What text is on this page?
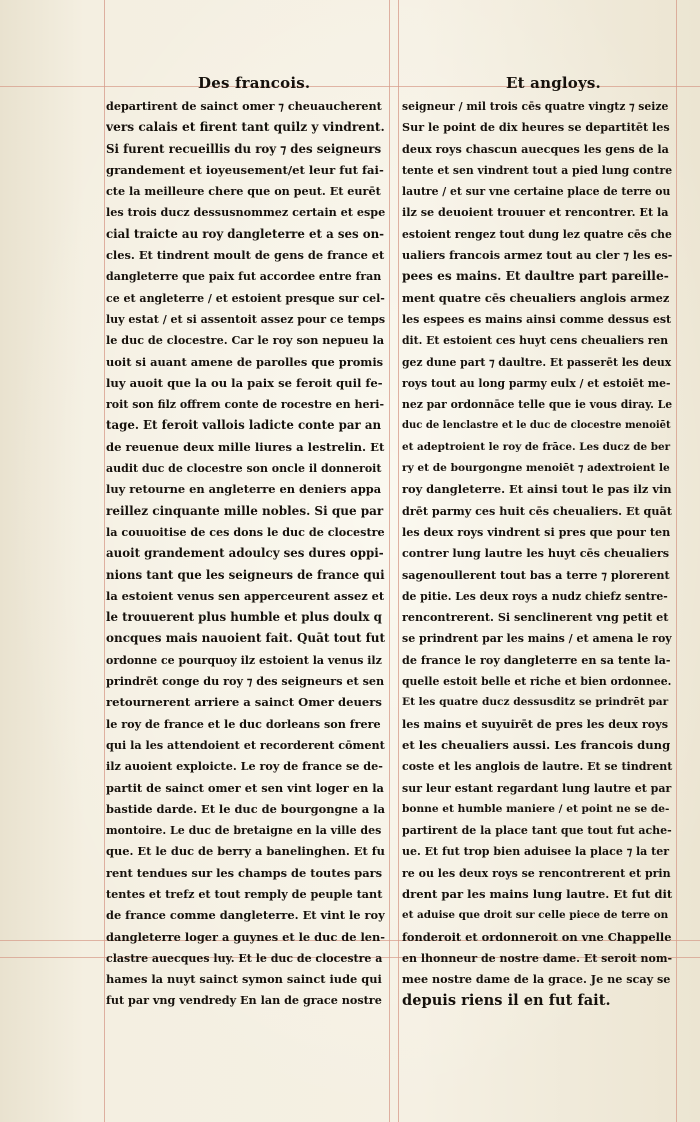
Des francois.	Et angloys.
departirent de sainct omer ⁊ cheuaucherent
vers calais et firent tant quilz y vindrent.
Si furent recueillis du roy ⁊ des seigneurs
grandement et ioyeusement/et leur fut fai-
cte la meilleure chere que on peut. Et eurēt
les trois ducz dessusnommez certain et espe
cial traicte au roy dangleterre et a ses on-
cles. Et tindrent moult de gens de france et
dangleterre que paix fut accordee entre fran
ce et angleterre / et estoient presque sur cel-
luy estat / et si assentoit assez pour ce temps
le duc de clocestre. Car le roy son nepueu la
uoit si auant amene de parolles que promis
luy auoit que la ou la paix se feroit quil fe-
roit son filz offrem conte de rocestre en heri-
tage. Et feroit vallois ladicte conte par an
de reuenue deux mille liures a lestrelin. Et
audit duc de clocestre son oncle il donneroit
luy retourne en angleterre en deniers appa
reillez cinquante mille nobles. Si que par
la couuoitise de ces dons le duc de clocestre
auoit grandement adoulcy ses dures oppi-
nions tant que les seigneurs de france qui
la estoient venus sen apperceurent assez et
le trouuerent plus humble et plus doulx q
oncques mais nauoient fait. Quāt tout fut
ordonne ce pourquoy ilz estoient la venus ilz
prindrēt conge du roy ⁊ des seigneurs et sen
retournerent arriere a sainct Omer deuers
le roy de france et le duc dorleans son frere
qui la les attendoient et recorderent cōment
ilz auoient exploicte. Le roy de france se de-
partit de sainct omer et sen vint loger en la
bastide darde. Et le duc de bourgongne a la
montoire. Le duc de bretaigne en la ville des
que. Et le duc de berry a banelinghen. Et fu
rent tendues sur les champs de toutes pars
tentes et trefz et tout remply de peuple tant
de france comme dangleterre. Et vint le roy
dangleterre loger a guynes et le duc de len-
clastre auecques luy. Et le duc de clocestre a
hames la nuyt sainct symon sainct iude qui
fut par vng vendredy En lan de grace nostre
seigneur / mil trois cēs quatre vingtz ⁊ seize
Sur le point de dix heures se departitēt les
deux roys chascun auecques les gens de la
tente et sen vindrent tout a pied lung contre
lautre / et sur vne certaine place de terre ou
ilz se deuoient trouuer et rencontrer. Et la
estoient rengez tout dung lez quatre cēs che
ualiers francois armez tout au cler ⁊ les es-
pees es mains. Et daultre part pareille-
ment quatre cēs cheualiers anglois armez
les espees es mains ainsi comme dessus est
dit. Et estoient ces huyt cens cheualiers ren
gez dune part ⁊ daultre. Et passerēt les deux
roys tout au long parmy eulx / et estoiēt me-
nez par ordonnāce telle que ie vous diray. Le
duc de lenclastre et le duc de clocestre menoiēt
et adeptroient le roy de frāce. Les ducz de ber
ry et de bourgongne menoiēt ⁊ adextroient le
roy dangleterre. Et ainsi tout le pas ilz vin
drēt parmy ces huit cēs cheualiers. Et quāt
les deux roys vindrent si pres que pour ten
contrer lung lautre les huyt cēs cheualiers
sagenoullerent tout bas a terre ⁊ plorerent
de pitie. Les deux roys a nudz chiefz sentre-
rencontrerent. Si senclinerent vng petit et
se prindrent par les mains / et amena le roy
de france le roy dangleterre en sa tente la-
quelle estoit belle et riche et bien ordonnee.
Et les quatre ducz dessusditz se prindrēt par
les mains et suyuirēt de pres les deux roys
et les cheualiers aussi. Les francois dung
coste et les anglois de lautre. Et se tindrent
sur leur estant regardant lung lautre et par
bonne et humble maniere / et point ne se de-
partirent de la place tant que tout fut ache-
ue. Et fut trop bien aduisee la place ⁊ la ter
re ou les deux roys se rencontrerent et prin
drent par les mains lung lautre. Et fut dit
et aduise que droit sur celle piece de terre on
fonderoit et ordonneroit on vne Chappelle
en lhonneur de nostre dame. Et seroit nom-
mee nostre dame de la grace. Je ne scay se
depuis riens il en fut fait.
